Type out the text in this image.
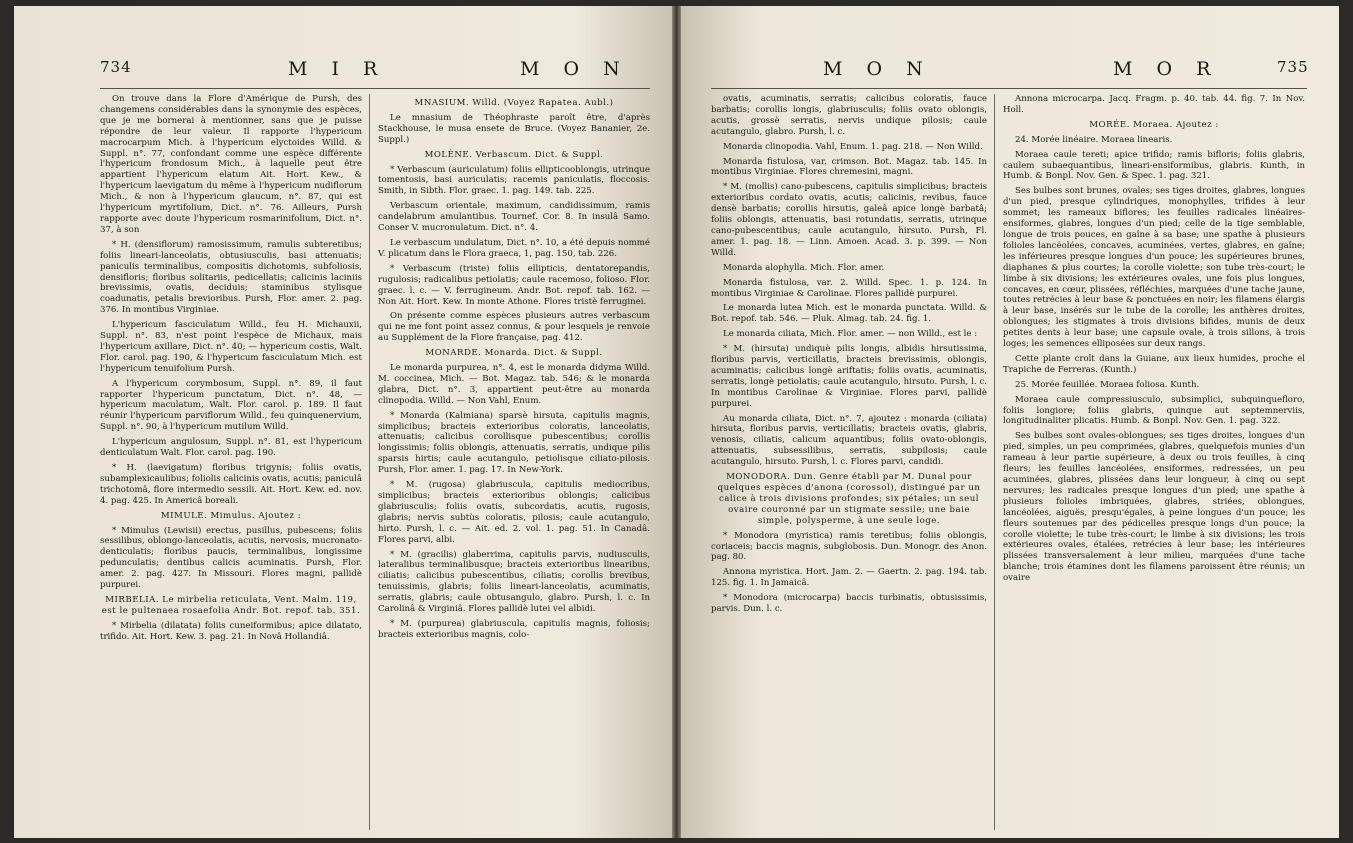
734	M I R	M O N

On trouve dans la Flore d'Amérique de Pursh, des changemens considérables dans la synonymie des espèces, que je me bornerai à mentionner, sans que je puisse répondre de leur valeur. Il rapporte l'hypericum macrocarpum Mich. à l'hypericum elyctoides Willd. & Suppl. n°. 77, confondant comme une espèce différente l'hypericum frondosum Mich., à laquelle peut être appartient l'hypericum elatum Ait. Hort. Kew., & l'hypericum laevigatum du même à l'hypericum nudiflorum Mich., & non à l'hypericum glaucum, n°. 87, qui est l'hypericum myrtifolium, Dict. n°. 76. Ailleurs, Pursh rapporte avec doute l'hypericum rosmarinifolium, Dict. n°. 37, à son

* H. (densiflorum) ramosissimum, ramulis subteretibus; foliis lineari-lanceolatis, obtusiusculis, basi attenuatis; paniculis terminalibus, compositis dichotomis, subfoliosis, densifloris; floribus solitariis, pedicellatis; calicinis laciniis brevissimis, ovatis, deciduis; staminibus stylisque coadunatis, petalis brevioribus. Pursh, Flor. amer. 2. pag. 376. In montibus Virginiae.

L'hypericum fasciculatum Willd., feu H. Michauxii, Suppl. n°. 83, n'est point l'espèce de Michaux, mais l'hypericum axillare, Dict. n°. 40; — hypericum costis, Walt. Flor. carol. pag. 190, & l'hypericum fasciculatum Mich. est l'hypericum tenuifolium Pursh.

A l'hypericum corymbosum, Suppl. n°. 89, il faut rapporter l'hypericum punctatum, Dict. n°. 48, — hypericum maculatum, Walt. Flor. carol. p. 189. Il faut réunir l'hypericum parviflorum Willd., feu quinquenervium, Suppl. n°. 90, à l'hypericum mutilum Willd.

L'hypericum angulosum, Suppl. n°. 81, est l'hypericum denticulatum Walt. Flor. carol. pag. 190.

* H. (laevigatum) floribus trigynis; foliis ovatis, subamplexicaulibus; foliolis calicinis ovatis, acutis; paniculâ trichotomâ, flore intermedio sessili. Ait. Hort. Kew. ed. nov. 4. pag. 425. In Americâ boreali.

MIMULE. Mimulus. Ajoutez :

* Mimulus (Lewisii) erectus, pusillus, pubescens; foliis sessilibus, oblongo-lanceolatis, acutis, nervosis, mucronato-denticulatis; floribus paucis, terminalibus, longissime pedunculatis; dentibus calicis acuminatis. Pursh, Flor. amer. 2. pag. 427. In Missouri. Flores magni, pallidè purpurei.

MIRBELIA. Le mirbelia reticulata, Vent. Malm. 119, est le pultenaea rosaefolia Andr. Bot. repof. tab. 351.

* Mirbelia (dilatata) foliis cuneiformibus; apice dilatato, trifido. Ait. Hort. Kew. 3. pag. 21. In Novâ Hollandiâ.

MNASIUM. Willd. (Voyez Rapatea. Aubl.)

Le mnasium de Théophraste paroît être, d'après Stackhouse, le musa ensete de Bruce. (Voyez Bananier, 2e. Suppl.)

MOLÈNE. Verbascum. Dict. & Suppl.

* Verbascum (auriculatum) foliis ellipticooblongis, utrinque tomentosis, basi auriculatis; racemis paniculatis, floccosis. Smith, in Sibth. Flor. graec. 1. pag. 149. tab. 225.

Verbascum orientale, maximum, candidissimum, ramis candelabrum amulantibus. Tournef. Cor. 8. In insulâ Samo. Conser V. mucronulatum. Dict. n°. 4.

Le verbascum undulatum, Dict. n°. 10, a été depuis nommé V. plicatum dans le Flora graeca, 1, pag. 150, tab. 226.

* Verbascum (triste) foliis ellipticis, dentatorepandis, rugulosis; radicalibus petiolatis; caule racemoso, folioso. Flor. graec. l. c. — V. ferrugineum. Andr. Bot. repof. tab. 162. — Non Ait. Hort. Kew. In monte Athone. Flores tristè ferruginei.

On présente comme espèces plusieurs autres verbascum qui ne me font point assez connus, & pour lesquels je renvoie au Supplément de la Flore française, pag. 412.

MONARDE. Monarda. Dict. & Suppl.

Le monarda purpurea, n°. 4, est le monarda didyma Willd. M. coccinea, Mich. — Bot. Magaz. tab. 546; & le monarda glabra, Dict. n°. 3, appartient peut-être au monarda clinopodia. Willd. — Non Vahl, Enum.

* Monarda (Kalmiana) sparsè hirsuta, capitulis magnis, simplicibus; bracteis exterioribus coloratis, lanceolatis, attenuatis; calicibus corollisque pubescentibus; corollis longissimis; foliis oblongis, attenuatis, serratis, undique pilis sparsis hirtis; caule acutangulo, petiolisque ciliato-pilosis. Pursh, Flor. amer. 1. pag. 17. In New-York.

* M. (rugosa) glabriuscula, capitulis mediocribus, simplicibus; bracteis exterioribus oblongis; calicibus glabriusculis; foliis ovatis, subcordatis, acutis, rugosis, glabris; nervis subtùs coloratis, pilosis; caule acutangulo, hirto. Pursh, l. c. — Ait. ed. 2. vol. 1. pag. 51. In Canadâ. Flores parvi, albi.

* M. (gracilis) glaberrima, capitulis parvis, nudiusculis, lateralibus terminalibusque; bracteis exterioribus linearibus, ciliatis; calicibus pubescentibus, ciliatis; corollis brevibus, tenuissimis, glabris; foliis lineari-lanceolatis, acuminatis, serratis, glabris; caule obtusangulo, glabro. Pursh, l. c. In Carolinâ & Virginiâ. Flores pallidè lutei vel albidi.

* M. (purpurea) glabriuscula, capitulis magnis, foliosis; bracteis exterioribus magnis, colo-

M O N	M O R	735

ovatis, acuminatis, serratis; calicibus coloratis, fauce barbatis; corollis longis, glabriusculis; foliis ovato oblongis, acutis, grossè serratis, nervis undique pilosis; caule acutangulo, glabro. Pursh, l. c.

Monarda clinopodia. Vahl, Enum. 1. pag. 218. — Non Willd.

Monarda fistulosa, var. crimson. Bot. Magaz. tab. 145. In montibus Virginiae. Flores chremesini, magni.

* M. (mollis) cano-pubescens, capitulis simplicibus; bracteis exterioribus cordato ovatis, acutis; calicinis, revibus, fauce densè barbatis; corollis hirsutis, galeâ apice longè barbatâ; foliis oblongis, attenuatis, basi rotundatis, serratis, utrinque cano-pubescentibus; caule acutangulo, hirsuto. Pursh, Fl. amer. 1. pag. 18. — Linn. Amoen. Acad. 3. p. 399. — Non Willd.

Monarda alophylla. Mich. Flor. amer.

Monarda fistulosa, var. 2. Willd. Spec. 1. p. 124. In montibus Virginiae & Carolinae. Flores pallidè purpurei.

Le monarda lutea Mich. est le monarda punctata. Willd. & Bot. repof. tab. 546. — Pluk. Almag. tab. 24. fig. 1.

Le monarda ciliata, Mich. Flor. amer. — non Willd., est le :

* M. (hirsuta) undiquè pilis longis, albidis hirsutissima, floribus parvis, verticillatis, bracteis brevissimis, oblongis, acuminatis; calicibus longè ariftatis; foliis ovatis, acuminatis, serratis, longè petiolatis; caule acutangulo, hirsuto. Pursh, l. c. In montibus Carolinae & Virginiae. Flores parvi, pallidè purpurei.

Au monarda ciliata, Dict. n°. 7, ajoutez : monarda (ciliata) hirsuta, floribus parvis, verticillatis; bracteis ovatis, glabris, venosis, ciliatis, calicum aquantibus; foliis ovato-oblongis, attenuatis, subsessilibus, serratis, subpilosis; caule acutangulo, hirsuto. Pursh, l. c. Flores parvi, candidi.

MONODORA. Dun. Genre établi par M. Dunal pour quelques espèces d'anona (corossol), distingué par un calice à trois divisions profondes; six pétales; un seul ovaire couronné par un stigmate sessile; une baie simple, polysperme, à une seule loge.

* Monodora (myristica) ramis teretibus; foliis oblongis, coriaceis; baccis magnis, subglobosis. Dun. Monogr. des Anon. pag. 80.

Annona myristica. Hort. Jam. 2. — Gaertn. 2. pag. 194. tab. 125. fig. 1. In Jamaicâ.

* Monodora (microcarpa) baccis turbinatis, obtusissimis, parvis. Dun. l. c.

Annona microcarpa. Jacq. Fragm. p. 40. tab. 44. fig. 7. In Nov. Holl.

MORÉE. Moraea. Ajoutez :

24. Morée linéaire. Moraea linearis.

Moraea caule tereti; apice trifido; ramis bifloris; foliis glabris, caulem subaequantibus, lineari-ensiformibus, glabris. Kunth, in Humb. & Bonpl. Nov. Gen. & Spec. 1. pag. 321.

Ses bulbes sont brunes, ovales; ses tiges droites, glabres, longues d'un pied, presque cylindriques, monophylles, trifides à leur sommet; les rameaux biflores; les feuilles radicales linéaires-ensiformes, glabres, longues d'un pied; celle de la tige semblable, longue de trois pouces, en gaîne à sa base; une spathe à plusieurs folioles lancéolées, concaves, acuminées, vertes, glabres, en gaîne; les inférieures presque longues d'un pouce; les supérieures brunes, diaphanes & plus courtes; la corolle violette; son tube très-court; le limbe à six divisions; les extérieures ovales, une fois plus longues, concaves, en cœur, plissées, réfléchies, marquées d'une tache jaune, toutes retrécies à leur base & ponctuées en noir; les filamens élargis à leur base, insérés sur le tube de la corolle; les anthères droites, oblongues; les stigmates à trois divisions bifides, munis de deux petites dents à leur base; une capsule ovale, à trois sillons, à trois loges; les semences elliposées sur deux rangs.

Cette plante croît dans la Guiane, aux lieux humides, proche el Trapiche de Ferreras. (Kunth.)

25. Morée feuillée. Moraea foliosa. Kunth.

Moraea caule compressiusculo, subsimplici, subquinquefloro, foliis longiore; foliis glabris, quinque aut septemnerviis, longitudinaliter plicatis. Humb. & Bonpl. Nov. Gen. 1. pag. 322.

Ses bulbes sont ovales-oblongues; ses tiges droites, longues d'un pied, simples, un peu comprimées, glabres, quelquefois munies d'un rameau à leur partie supérieure, à deux ou trois feuilles, à cinq fleurs; les feuilles lancéolées, ensiformes, redressées, un peu acuminées, glabres, plissées dans leur longueur, à cinq ou sept nervures; les radicales presque longues d'un pied; une spathe à plusieurs folioles imbriquées, glabres, striées, oblongues, lancéolées, aiguës, presqu'égales, à peine longues d'un pouce; les fleurs soutenues par des pédicelles presque longs d'un pouce; la corolle violette; le tube très-court; le limbe à six divisions; les trois extérieures ovales, étalées, retrécies à leur base; les intérieures plissées transversalement à leur milieu, marquées d'une tache blanche; trois étamines dont les filamens paroissent être réunis; un ovaire
